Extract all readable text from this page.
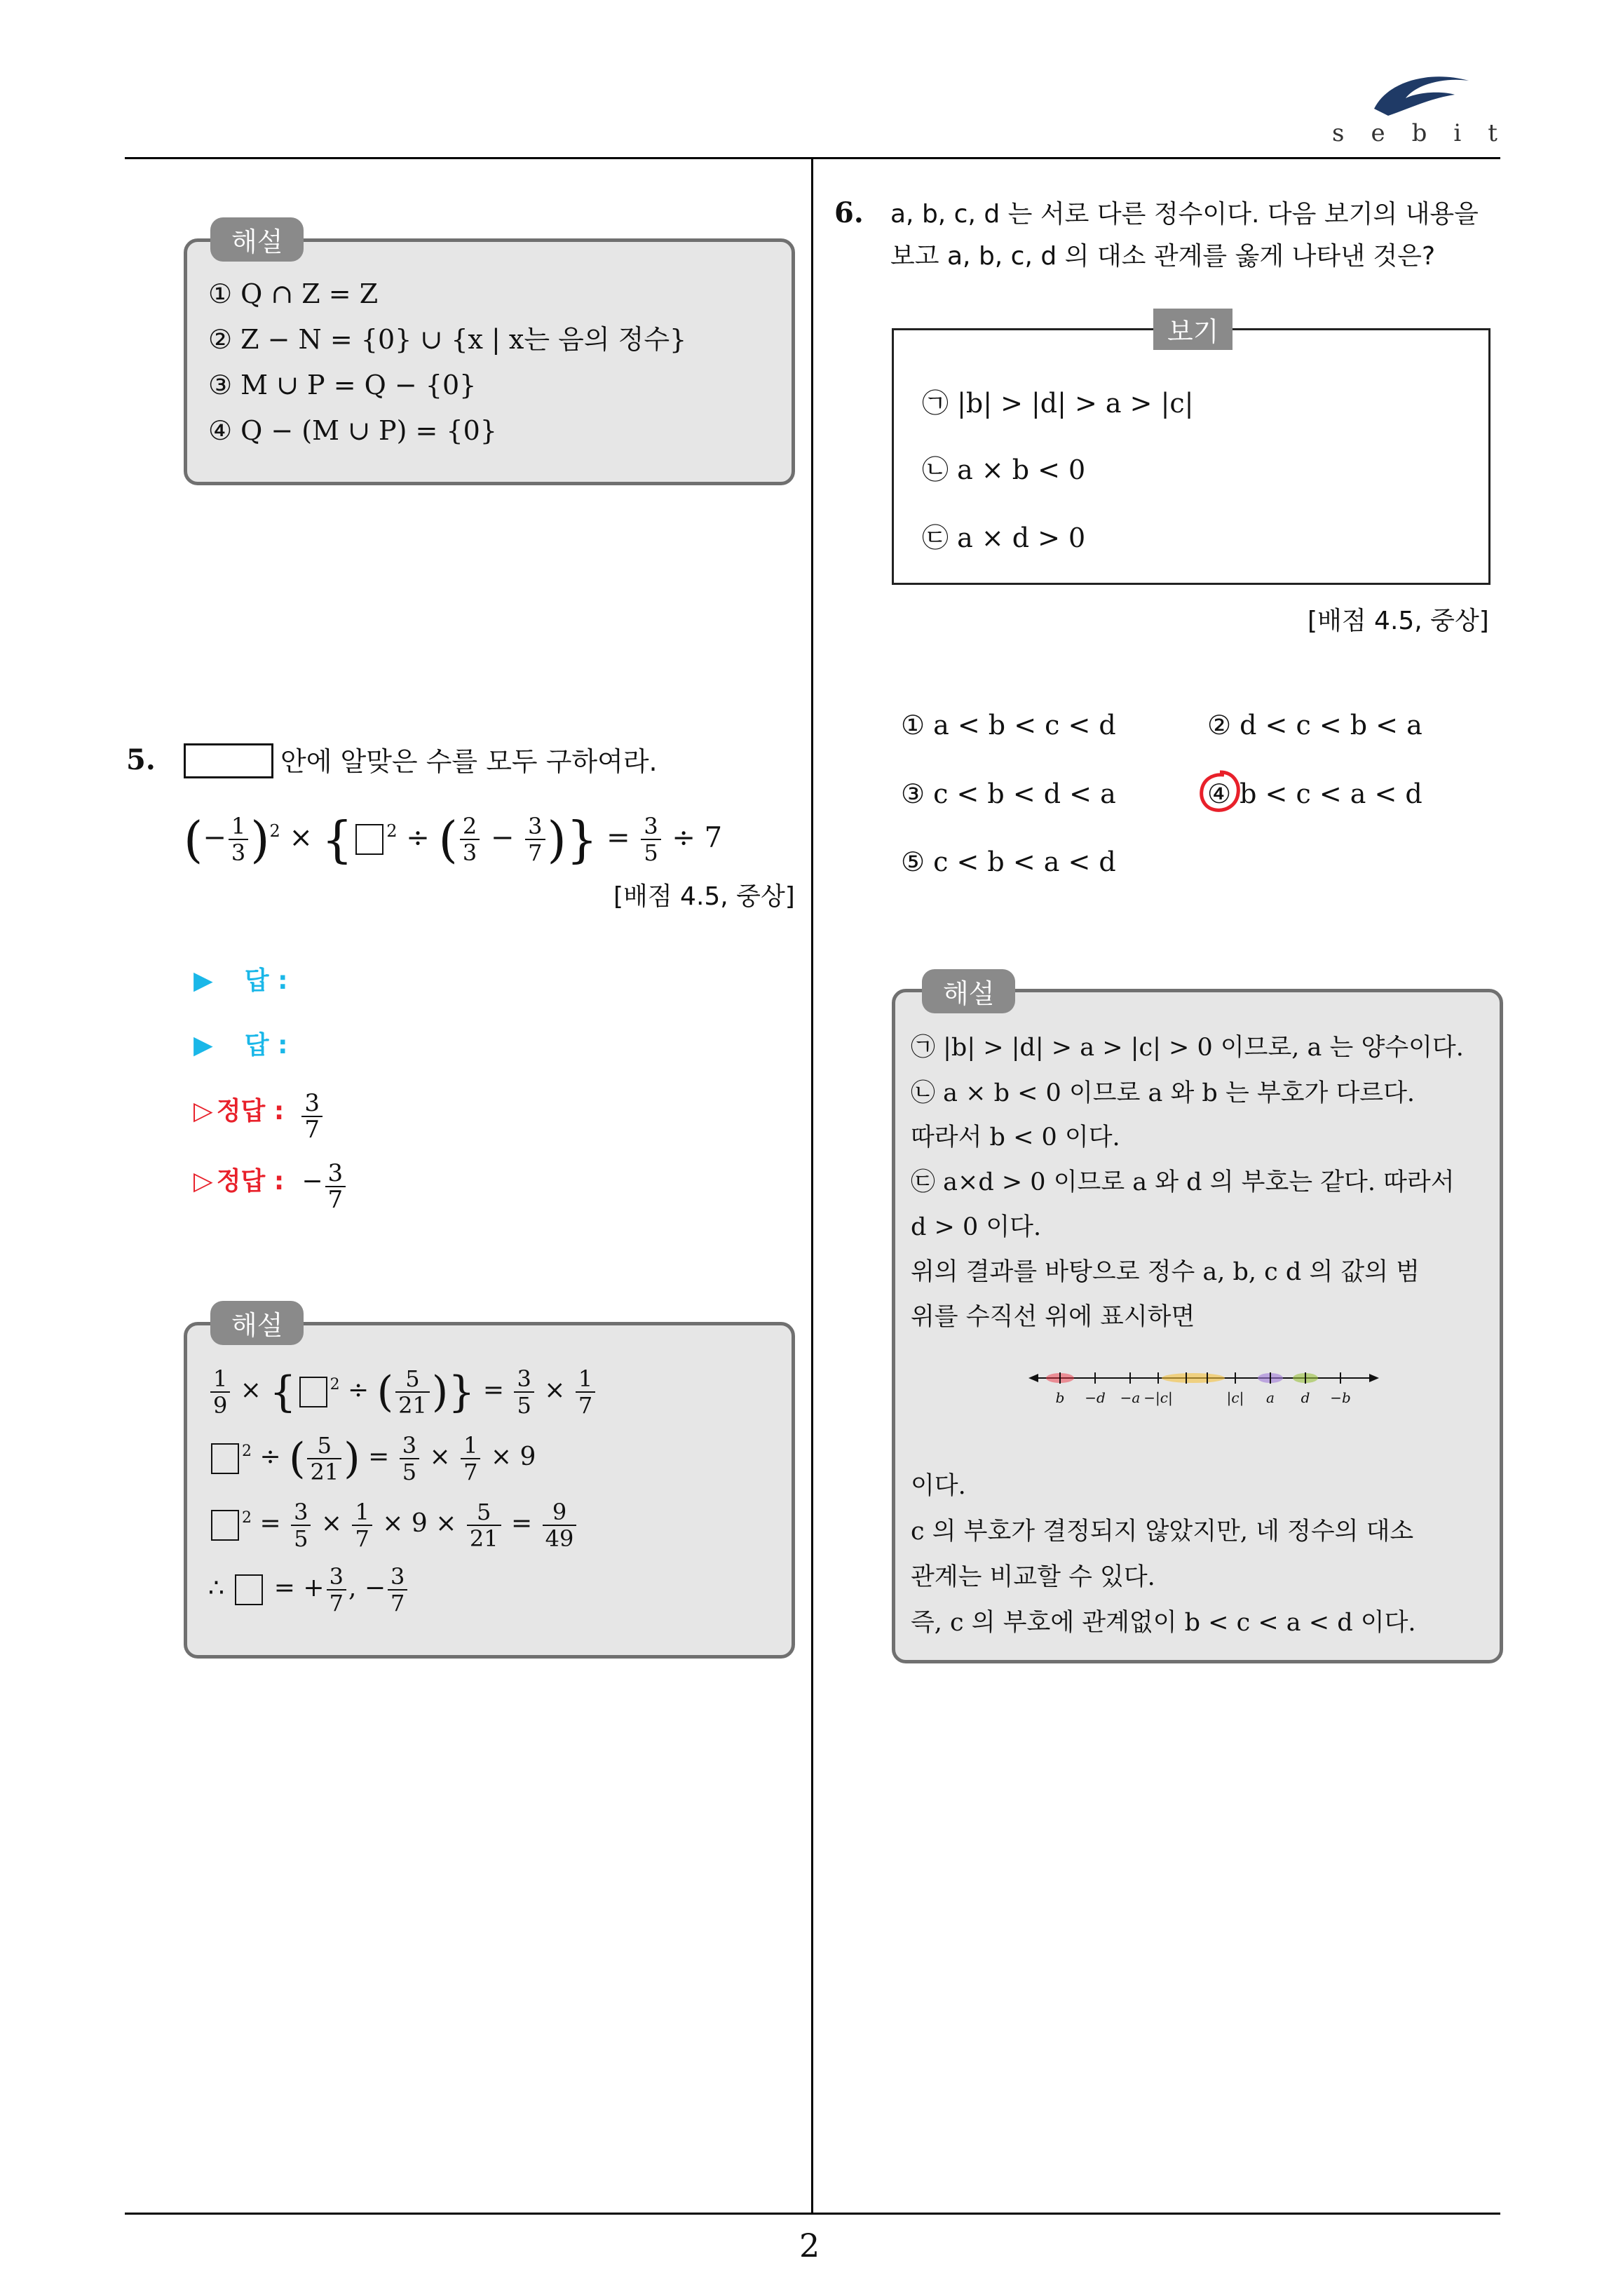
sebit
① Q ∩ Z = Z
② Z − N = {0} ∪ {x | x는 음의 정수}
③ M ∪ P = Q − {0}
④ Q − (M ∪ P) = {0}
해설
5.	안에 알맞은 수를 모두 구하여라.
(− $\frac{1}{3} )^2$ × { $^2$ ÷ ( $\frac{2}{3} - \frac{3}{7}$ )} = $\frac{3}{5} \div 7$
[배점 4.5, 중상]
▶ 답 :
▶ 답 :
▷ 정답 : $\frac{3}{7}$
▷ 정답 : − $\frac{3}{7}$
$\frac{1}{9}$ × { $^2$ ÷ ( $\frac{5}{21}$ )} = $\frac{3}{5} \times \frac{1}{7}$
$^2$ ÷ ( $\frac{5}{21}$ ) = $\frac{3}{5} \times \frac{1}{7} \times 9$
$^2 = \frac{3}{5} \times \frac{1}{7} \times 9 \times \frac{5}{21} = \frac{9}{49}$
∴  = + $\frac{3}{7}$ , − $\frac{3}{7}$
해설
6. a, b, c, d 는 서로 다른 정수이다. 다음 보기의 내용을
보고 a, b, c, d 의 대소 관계를 옳게 나타낸 것은?
㉠ |b| > |d| > a > |c|
㉡ a × b < 0
㉢ a × d > 0
보기
[배점 4.5, 중상]
① a < b < c < d	② d < c < b < a
③ c < b < d < a	④ b < c < a < d
⑤ c < b < a < d
㉠ |b| > |d| > a > |c| > 0 이므로, a 는 양수이다.
㉡ a × b < 0 이므로 a 와 b 는 부호가 다르다.
따라서 b < 0 이다.
㉢ a×d > 0 이므로 a 와 d 의 부호는 같다. 따라서
d > 0 이다.
위의 결과를 바탕으로 정수 a, b, c d 의 값의 범
위를 수직선 위에 표시하면
b −d −a −|c|	|c| a d −b
이다.
c 의 부호가 결정되지 않았지만, 네 정수의 대소
관계는 비교할 수 있다.
즉, c 의 부호에 관계없이 b < c < a < d 이다.
해설
2
